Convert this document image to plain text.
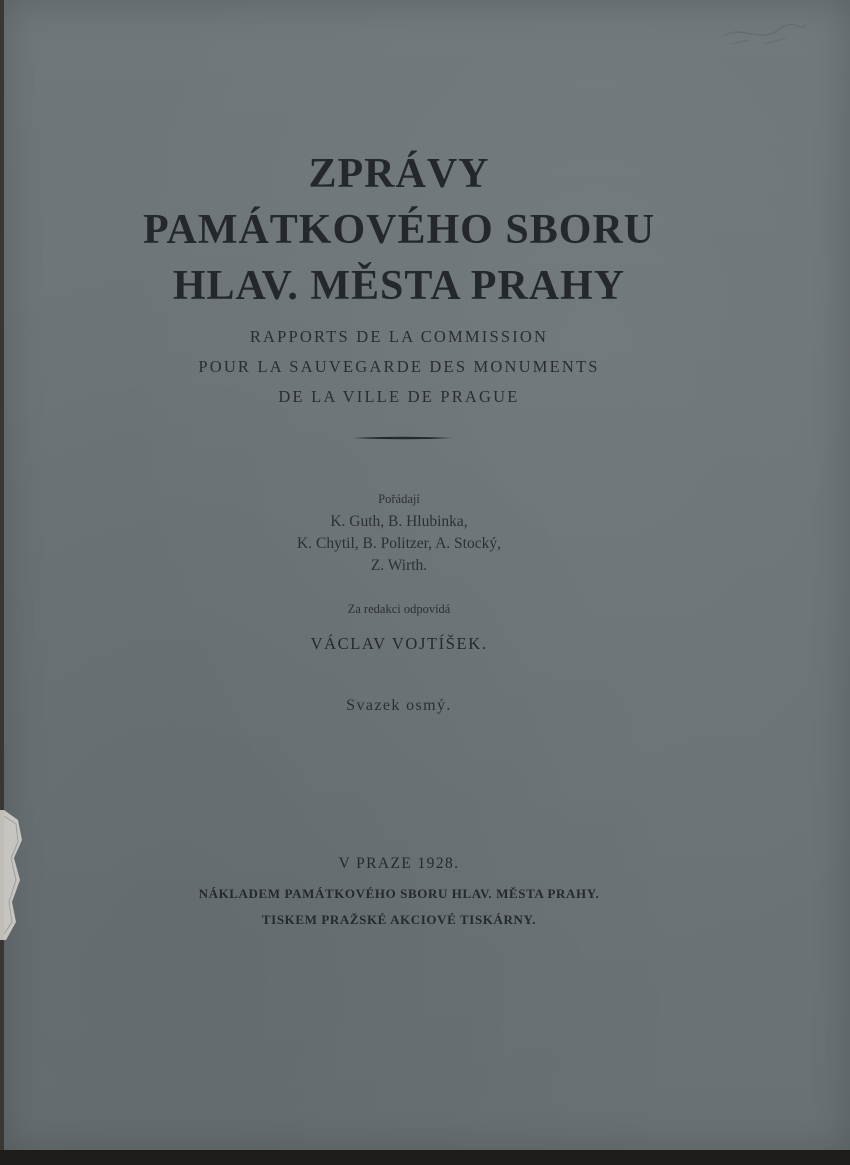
ZPRÁVY
PAMÁTKOVÉHO SBORU
HLAV. MĚSTA PRAHY
RAPPORTS DE LA COMMISSION
POUR LA SAUVEGARDE DES MONUMENTS
DE LA VILLE DE PRAGUE
Pořádají
K. Guth, B. Hlubinka,
K. Chytil, B. Politzer, A. Stocký,
Z. Wirth.
Za redakci odpovídá
VÁCLAV VOJTÍŠEK.
Svazek osmý.
V PRAZE 1928.
NÁKLADEM PAMÁTKOVÉHO SBORU HLAV. MĚSTA PRAHY.
TISKEM PRAŽSKÉ AKCIOVÉ TISKÁRNY.
